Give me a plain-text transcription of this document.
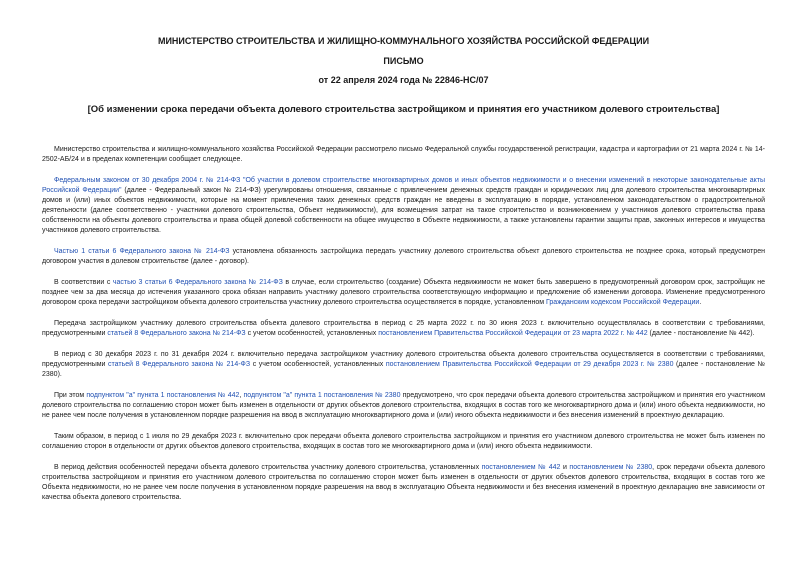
МИНИСТЕРСТВО СТРОИТЕЛЬСТВА И ЖИЛИЩНО-КОММУНАЛЬНОГО ХОЗЯЙСТВА РОССИЙСКОЙ ФЕДЕРАЦИИ
ПИСЬМО
от 22 апреля 2024 года № 22846-НС/07
[Об изменении срока передачи объекта долевого строительства застройщиком и принятия его участником долевого строительства]

Министерство строительства и жилищно-коммунального хозяйства Российской Федерации рассмотрело письмо Федеральной службы государственной регистрации, кадастра и картографии от 21 марта 2024 г. № 14-2502-АБ/24 и в пределах компетенции сообщает следующее.

Федеральным законом от 30 декабря 2004 г. № 214-ФЗ "Об участии в долевом строительстве многоквартирных домов и иных объектов недвижимости и о внесении изменений в некоторые законодательные акты Российской Федерации" (далее - Федеральный закон № 214-ФЗ) урегулированы отношения, связанные с привлечением денежных средств граждан и юридических лиц для долевого строительства многоквартирных домов и (или) иных объектов недвижимости, которые на момент привлечения таких денежных средств граждан не введены в эксплуатацию в порядке, установленном законодательством о градостроительной деятельности (далее соответственно - участники долевого строительства, Объект недвижимости), для возмещения затрат на такое строительство и возникновением у участников долевого строительства права собственности на объекты долевого строительства и права общей долевой собственности на общее имущество в Объекте недвижимости, а также установлены гарантии защиты прав, законных интересов и имущества участников долевого строительства.

Частью 1 статьи 6 Федерального закона № 214-ФЗ установлена обязанность застройщика передать участнику долевого строительства объект долевого строительства не позднее срока, который предусмотрен договором участия в долевом строительстве (далее - договор).

В соответствии с частью 3 статьи 6 Федерального закона № 214-ФЗ в случае, если строительство (создание) Объекта недвижимости не может быть завершено в предусмотренный договором срок, застройщик не позднее чем за два месяца до истечения указанного срока обязан направить участнику долевого строительства соответствующую информацию и предложение об изменении договора. Изменение предусмотренного договором срока передачи застройщиком объекта долевого строительства участнику долевого строительства осуществляется в порядке, установленном Гражданским кодексом Российской Федерации.

Передача застройщиком участнику долевого строительства объекта долевого строительства в период с 25 марта 2022 г. по 30 июня 2023 г. включительно осуществлялась в соответствии с требованиями, предусмотренными статьей 8 Федерального закона № 214-ФЗ с учетом особенностей, установленных постановлением Правительства Российской Федерации от 23 марта 2022 г. № 442 (далее - постановление № 442).

В период с 30 декабря 2023 г. по 31 декабря 2024 г. включительно передача застройщиком участнику долевого строительства объекта долевого строительства осуществляется в соответствии с требованиями, предусмотренными статьей 8 Федерального закона № 214-ФЗ с учетом особенностей, установленных постановлением Правительства Российской Федерации от 29 декабря 2023 г. № 2380 (далее - постановление № 2380).

При этом подпунктом "а" пункта 1 постановления № 442, подпунктом "а" пункта 1 постановления № 2380 предусмотрено, что срок передачи объекта долевого строительства застройщиком и принятия его участником долевого строительства по соглашению сторон может быть изменен в отдельности от других объектов долевого строительства, входящих в состав того же многоквартирного дома и (или) иного объекта недвижимости, но не ранее чем после получения в установленном порядке разрешения на ввод в эксплуатацию многоквартирного дома и (или) иного объекта недвижимости и без внесения изменений в проектную декларацию.

Таким образом, в период с 1 июля по 29 декабря 2023 г. включительно срок передачи объекта долевого строительства застройщиком и принятия его участником долевого строительства не может быть изменен по соглашению сторон в отдельности от других объектов долевого строительства, входящих в состав того же многоквартирного дома и (или) иного объекта недвижимости.

В период действия особенностей передачи объекта долевого строительства участнику долевого строительства, установленных постановлением № 442 и постановлением № 2380, срок передачи объекта долевого строительства застройщиком и принятия его участником долевого строительства по соглашению сторон может быть изменен в отдельности от других объектов долевого строительства, входящих в состав того же Объекта недвижимости, но не ранее чем после получения в установленном порядке разрешения на ввод в эксплуатацию Объекта недвижимости и без внесения изменений в проектную декларацию вне зависимости от качества объекта долевого строительства.
